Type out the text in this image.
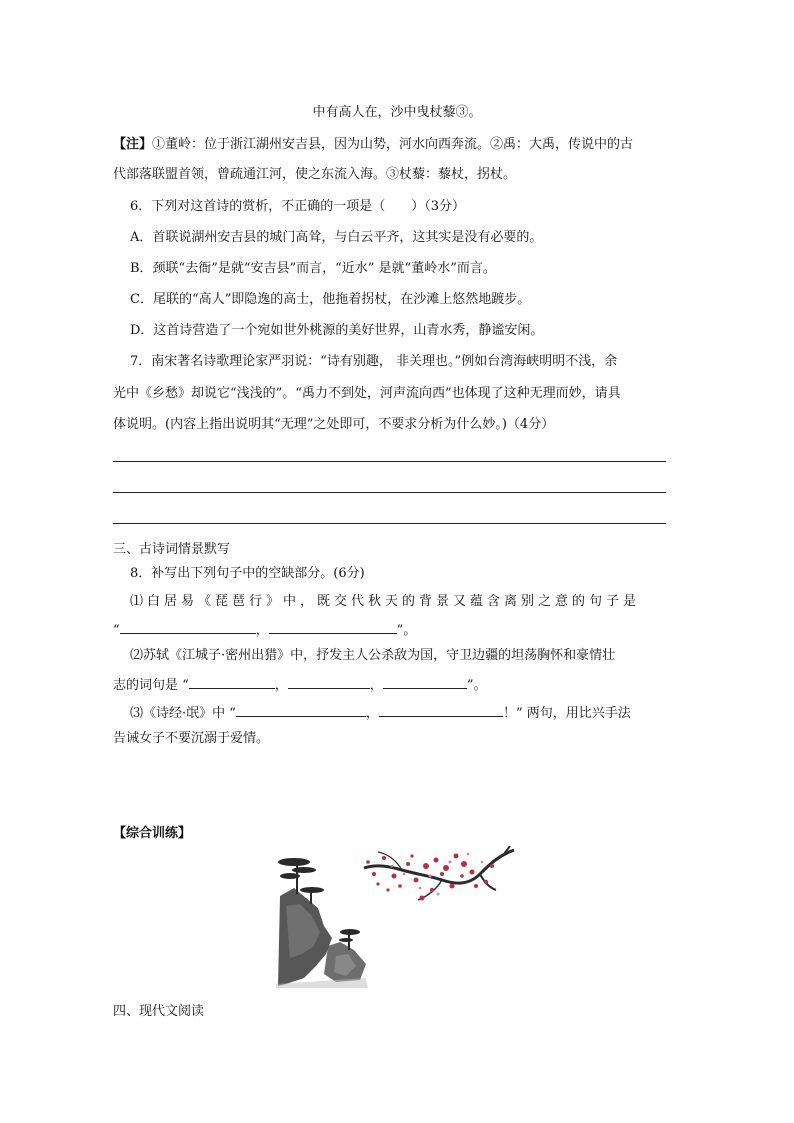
中有高人在，沙中曳杖藜③。
【注】①董岭：位于浙江湖州安吉县，因为山势，河水向西奔流。②禹：大禹，传说中的古
代部落联盟首领，曾疏通江河，使之东流入海。③杖藜：藜杖，拐杖。
6．下列对这首诗的赏析，不正确的一项是（　　）（3分）
A．首联说湖州安吉县的城门高耸，与白云平齐，这其实是没有必要的。
B．颈联“去衙”是就“安吉县”而言，“近水” 是就“董岭水”而言。
C．尾联的“高人”即隐逸的高士，他拖着拐杖，在沙滩上悠然地踱步。
D．这首诗营造了一个宛如世外桃源的美好世界，山青水秀，静谧安闲。
7．南宋著名诗歌理论家严羽说：“诗有别趣， 非关理也。”例如台湾海峡明明不浅，余
光中《乡愁》却说它“浅浅的”。“禹力不到处，河声流向西”也体现了这种无理而妙，请具
体说明。(内容上指出说明其“无理”之处即可，不要求分析为什么妙。)（4分）
三、古诗词情景默写
8．补写出下列句子中的空缺部分。(6分)
⑴白居易《琵琶行》中，既交代秋天的背景又蕴含离别之意的句子是
“	，	”。
⑵苏轼《江城子·密州出猎》中，抒发主人公杀敌为国，守卫边疆的坦荡胸怀和豪情壮
志的词句是 “	，	，	”。
⑶《诗经·氓》中 “	，	！” 两句，用比兴手法
告诫女子不要沉溺于爱情。
【综合训练】
四、现代文阅读
